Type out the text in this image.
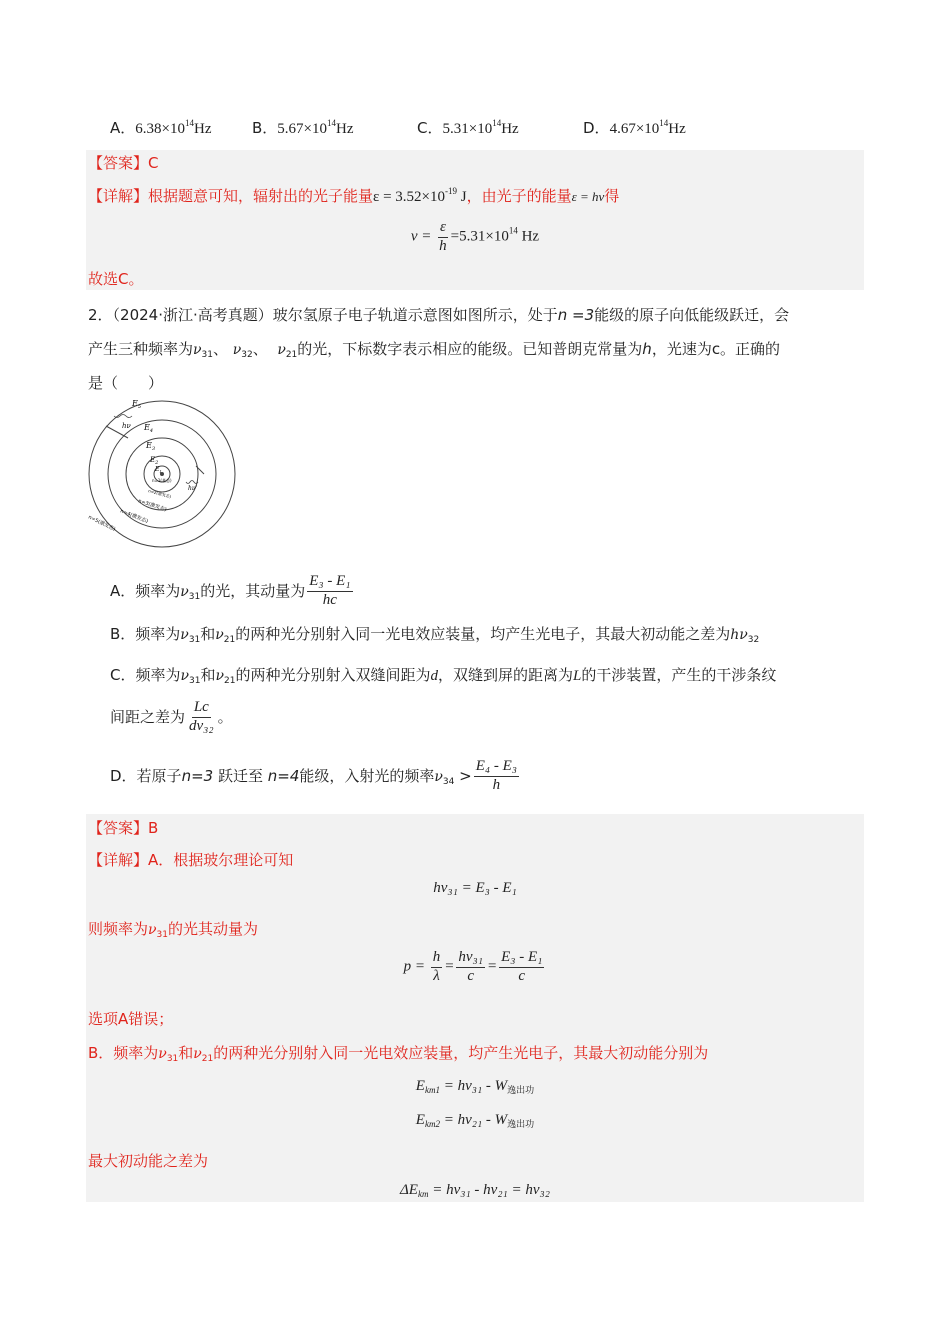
A．$6.38\times 10^{14}Hz$	B．$5.67\times 10^{14}Hz$	C．$5.31\times 10^{14}Hz$	D．$4.67\times 10^{14}Hz$
【答案】C
【详解】根据题意可知，辐射出的光子能量$\varepsilon = 3.52\times 10^{-19}$ J，由光子的能量ε = hν得
$\nu = \frac{\varepsilon}{h} =5.31\times 10^{14}$ Hz
故选C。
2．（2024·浙江·高考真题）玻尔氢原子电子轨道示意图如图所示，处于n =3能级的原子向低能级跃迁，会
产生三种频率为$\nu_{31}$、 $\nu_{32}$、 $\nu_{21}$的光，下标数字表示相应的能级。已知普朗克常量为h，光速为c。正确的
是（　　）
$E_5$
$E_4$
$E_3$
$E_2$
$E_1$
hν
hν'
n=1(基态)
n=2(激发态)
n=3(激发态)
n=4(激发态)
n=5(激发态)
A．频率为$\nu_{31}$的光，其动量为 $\frac{\text{E₃ - E₁}}{hc}$
B．频率为$\nu_{31}$和$\nu_{21}$的两种光分别射入同一光电效应装量，均产生光电子，其最大初动能之差为$h\nu_{32}$
C．频率为$\nu_{31}$和$\nu_{21}$的两种光分别射入双缝间距为d，双缝到屏的距离为L的干涉装置，产生的干涉条纹
间距之差为 $\frac{Lc}{\text{dν₃₂}}$ 。
D．若原子n=3 跃迁至 n=4能级，入射光的频率$\nu_{34} > \frac{\text{E₄ - E₃}}{h}$
【答案】B
【详解】A．根据玻尔理论可知
hν₃₁ = E₃ - E₁
则频率为$\nu_{31}$的光其动量为
$p = \frac{h}{\lambda} = \frac{\text{hν₃₁}}{c} = \frac{\text{E₃ - E₁}}{c}$
选项A错误；
B．频率为$\nu_{31}$和$\nu_{21}$的两种光分别射入同一光电效应装量，均产生光电子，其最大初动能分别为
$E_{km1} = h\nu_{31} - W_{逸出功}$
$E_{km2} = h\nu_{21} - W_{逸出功}$
最大初动能之差为
$\Delta E_{km} = h\nu_{31} - h\nu_{21} = h\nu_{32}$
